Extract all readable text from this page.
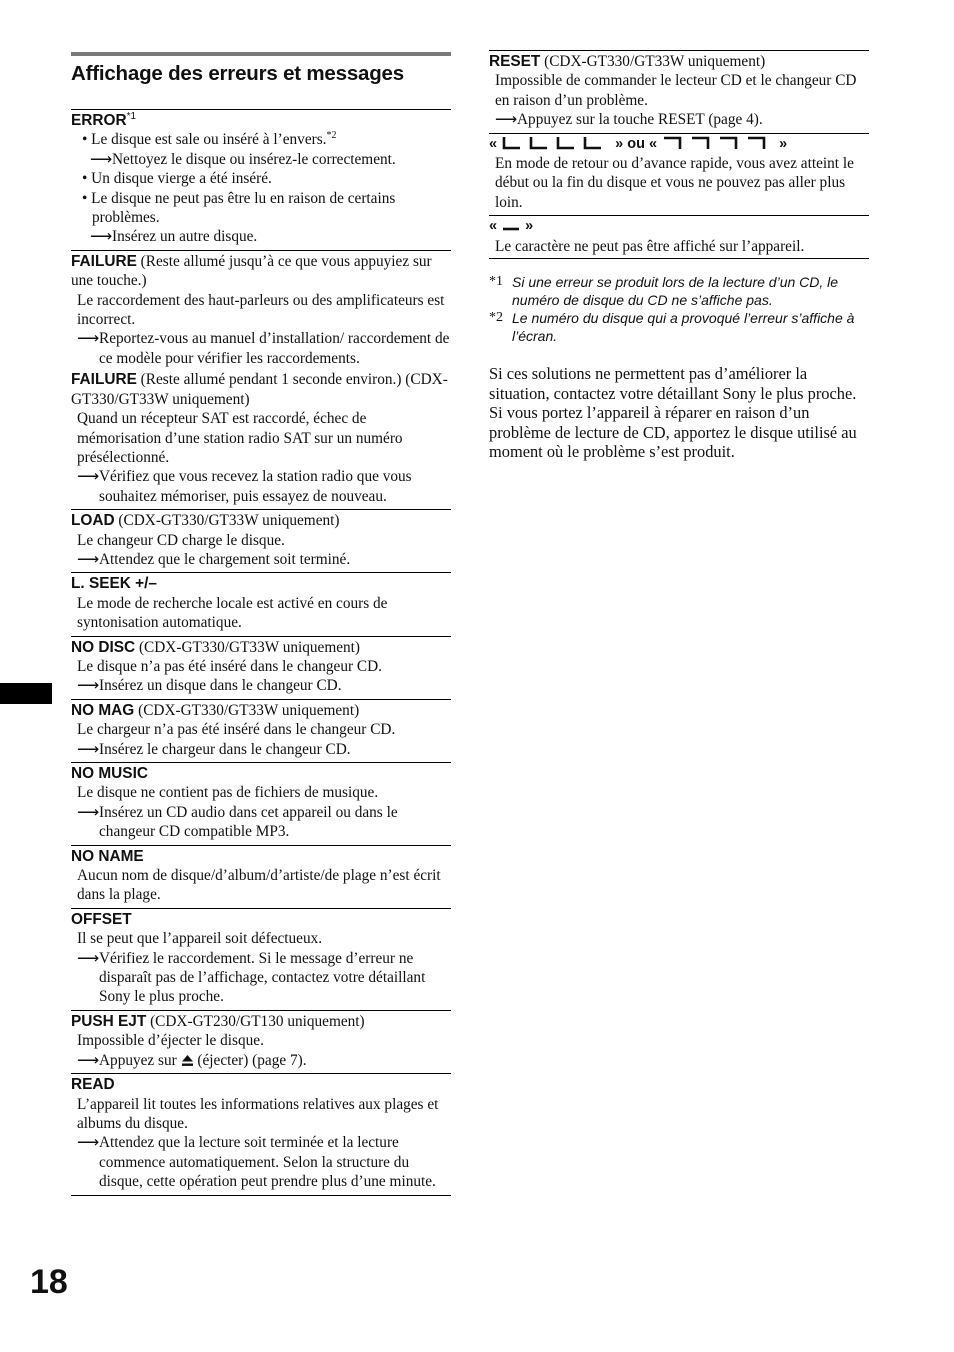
Affichage des erreurs et messages
ERROR$^{*1}$
• Le disque est sale ou inséré à l’envers.$^{*2}$
⟶ Nettoyez le disque ou insérez-le correctement.
• Un disque vierge a été inséré.
• Le disque ne peut pas être lu en raison de certains problèmes.
⟶ Insérez un autre disque.
FAILURE (Reste allumé jusqu’à ce que vous appuyiez sur une touche.)
Le raccordement des haut-parleurs ou des amplificateurs est incorrect.
⟶ Reportez-vous au manuel d’installation/ raccordement de ce modèle pour vérifier les raccordements.
FAILURE (Reste allumé pendant 1 seconde environ.) (CDX-GT330/GT33W uniquement)
Quand un récepteur SAT est raccordé, échec de mémorisation d’une station radio SAT sur un numéro présélectionné.
⟶ Vérifiez que vous recevez la station radio que vous souhaitez mémoriser, puis essayez de nouveau.
LOAD (CDX-GT330/GT33W uniquement)
Le changeur CD charge le disque.
⟶ Attendez que le chargement soit terminé.
L. SEEK +/–
Le mode de recherche locale est activé en cours de syntonisation automatique.
NO DISC (CDX-GT330/GT33W uniquement)
Le disque n’a pas été inséré dans le changeur CD.
⟶ Insérez un disque dans le changeur CD.
NO MAG (CDX-GT330/GT33W uniquement)
Le chargeur n’a pas été inséré dans le changeur CD.
⟶ Insérez le chargeur dans le changeur CD.
NO MUSIC
Le disque ne contient pas de fichiers de musique.
⟶ Insérez un CD audio dans cet appareil ou dans le changeur CD compatible MP3.
NO NAME
Aucun nom de disque/d’album/d’artiste/de plage n’est écrit dans la plage.
OFFSET
Il se peut que l’appareil soit défectueux.
⟶ Vérifiez le raccordement. Si le message d’erreur ne disparaît pas de l’affichage, contactez votre détaillant Sony le plus proche.
PUSH EJT (CDX-GT230/GT130 uniquement)
Impossible d’éjecter le disque.
⟶ Appuyez sur  (éjecter) (page 7).
READ
L’appareil lit toutes les informations relatives aux plages et albums du disque.
⟶ Attendez que la lecture soit terminée et la lecture commence automatiquement. Selon la structure du disque, cette opération peut prendre plus d’une minute.
RESET (CDX-GT330/GT33W uniquement)
Impossible de commander le lecteur CD et le changeur CD en raison d’un problème.
⟶ Appuyez sur la touche RESET (page 4).
«	» ou «	»
En mode de retour ou d’avance rapide, vous avez atteint le début ou la fin du disque et vous ne pouvez pas aller plus loin.
«  »
Le caractère ne peut pas être affiché sur l’appareil.
*1 Si une erreur se produit lors de la lecture d’un CD, le numéro de disque du CD ne s’affiche pas.
*2 Le numéro du disque qui a provoqué l’erreur s’affiche à l’écran.
Si ces solutions ne permettent pas d’améliorer la situation, contactez votre détaillant Sony le plus proche.
Si vous portez l’appareil à réparer en raison d’un problème de lecture de CD, apportez le disque utilisé au moment où le problème s’est produit.
18
